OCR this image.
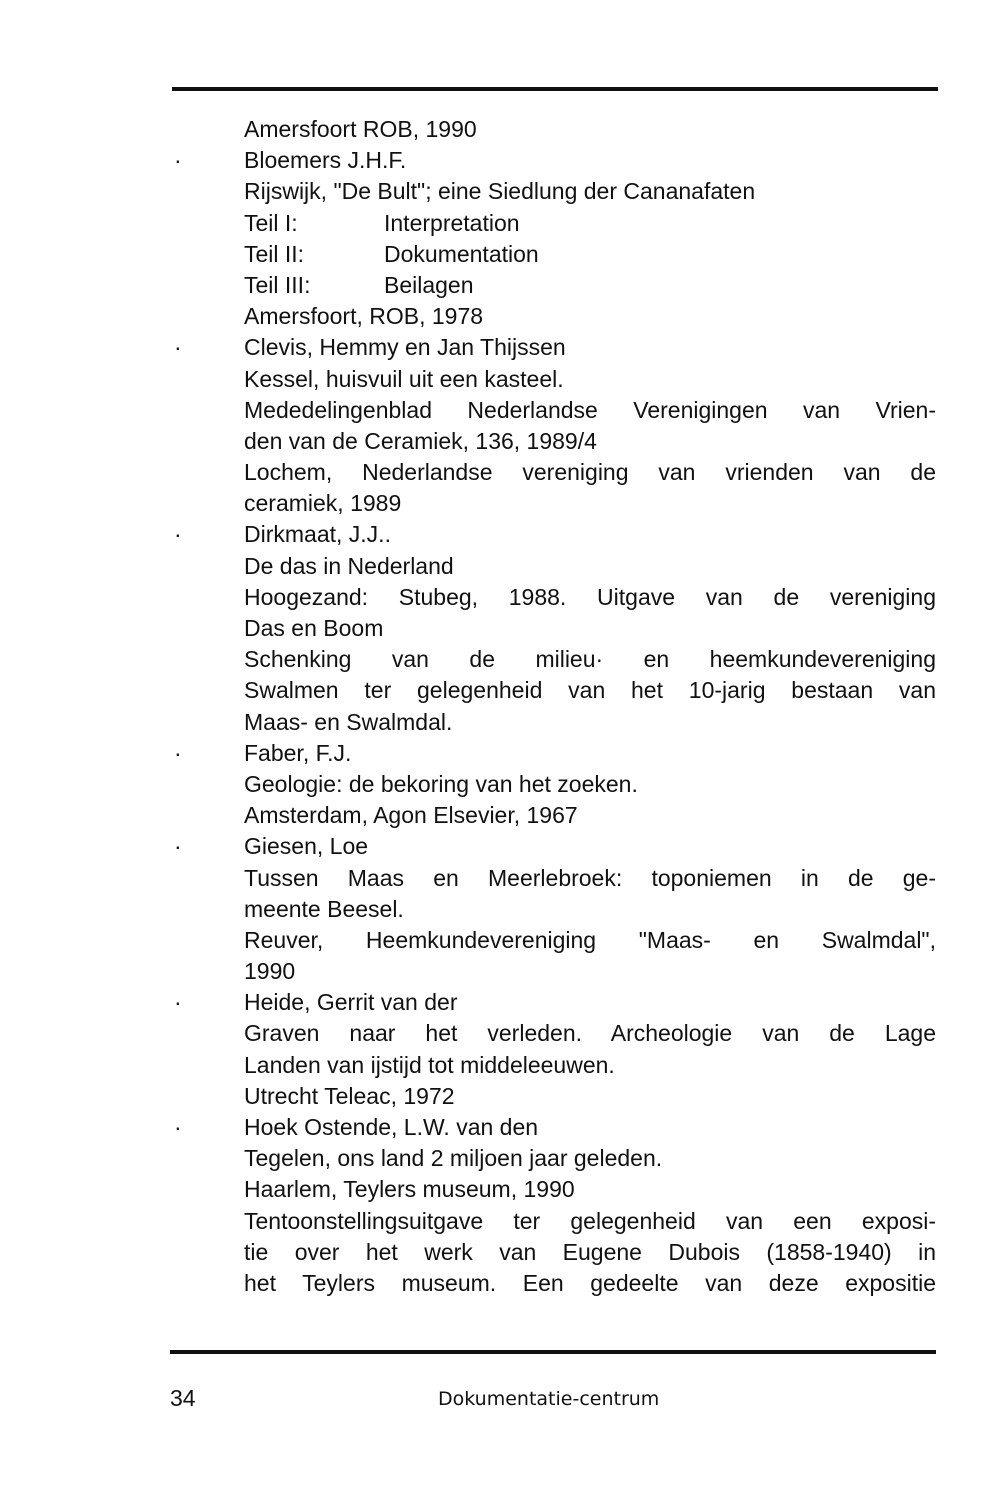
Amersfoort ROB, 1990
·	Bloemers J.H.F.
Rijswijk, "De Bult"; eine Siedlung der Cananafaten
Teil I:	Interpretation
Teil II:	Dokumentation
Teil III:	Beilagen
Amersfoort, ROB, 1978
·	Clevis, Hemmy en Jan Thijssen
Kessel, huisvuil uit een kasteel.
Mededelingenblad Nederlandse Verenigingen van Vrien-
den van de Ceramiek, 136, 1989/4
Lochem, Nederlandse vereniging van vrienden van de
ceramiek, 1989
·	Dirkmaat, J.J..
De das in Nederland
Hoogezand: Stubeg, 1988. Uitgave van de vereniging
Das en Boom
Schenking van de milieu· en heemkundevereniging
Swalmen ter gelegenheid van het 10-jarig bestaan van
Maas- en Swalmdal.
·	Faber, F.J.
Geologie: de bekoring van het zoeken.
Amsterdam, Agon Elsevier, 1967
·	Giesen, Loe
Tussen Maas en Meerlebroek: toponiemen in de ge-
meente Beesel.
Reuver, Heemkundevereniging "Maas- en Swalmdal",
1990
·	Heide, Gerrit van der
Graven naar het verleden. Archeologie van de Lage
Landen van ijstijd tot middeleeuwen.
Utrecht Teleac, 1972
·	Hoek Ostende, L.W. van den
Tegelen, ons land 2 miljoen jaar geleden.
Haarlem, Teylers museum, 1990
Tentoonstellingsuitgave ter gelegenheid van een exposi-
tie over het werk van Eugene Dubois (1858-1940) in
het Teylers museum. Een gedeelte van deze expositie
34	Dokumentatie-centrum
